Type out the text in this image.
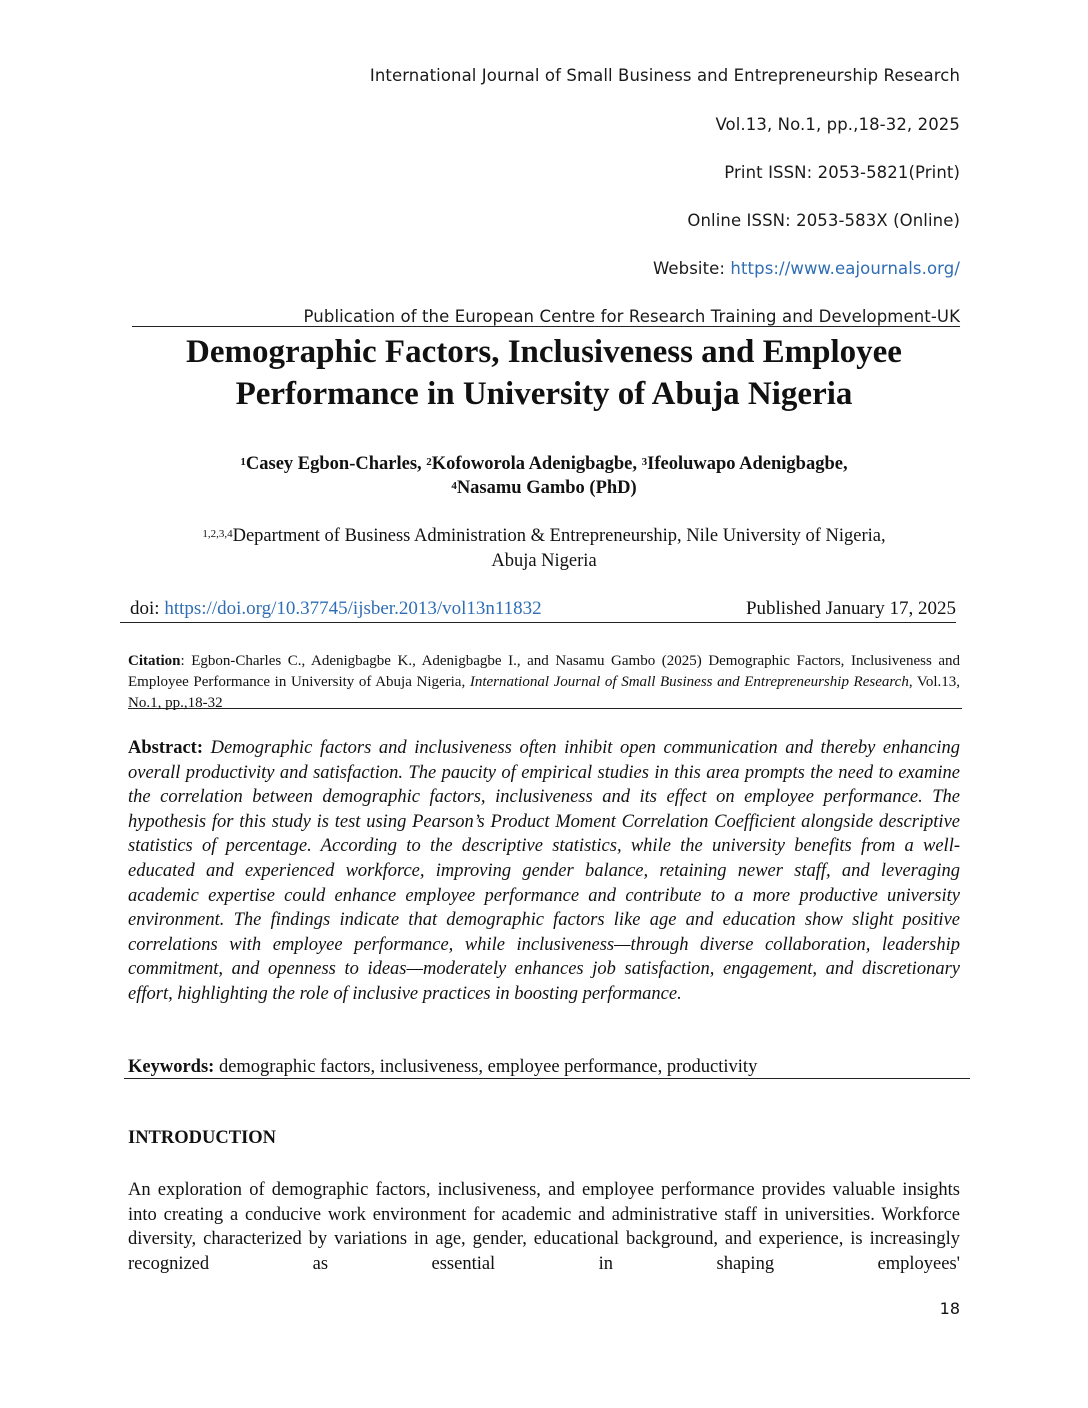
International Journal of Small Business and Entrepreneurship Research
Vol.13, No.1, pp.,18-32, 2025
Print ISSN: 2053-5821(Print)
Online ISSN: 2053-583X (Online)
Website: https://www.eajournals.org/
Publication of the European Centre for Research Training and Development-UK
Demographic Factors, Inclusiveness and Employee
Performance in University of Abuja Nigeria
$^1$Casey Egbon-Charles, $^2$Kofoworola Adenigbagbe, $^3$Ifeoluwapo Adenigbagbe,
$^4$Nasamu Gambo (PhD)
$^{1,2,3,4}$Department of Business Administration & Entrepreneurship, Nile University of Nigeria,
Abuja Nigeria
doi: https://doi.org/10.37745/ijsber.2013/vol13n11832	Published January 17, 2025
Citation: Egbon-Charles C., Adenigbagbe K., Adenigbagbe I., and Nasamu Gambo (2025) Demographic Factors, Inclusiveness and Employee Performance in University of Abuja Nigeria, International Journal of Small Business and Entrepreneurship Research, Vol.13, No.1, pp.,18-32
Abstract: Demographic factors and inclusiveness often inhibit open communication and thereby enhancing overall productivity and satisfaction. The paucity of empirical studies in this area prompts the need to examine the correlation between demographic factors, inclusiveness and its effect on employee performance. The hypothesis for this study is test using Pearson’s Product Moment Correlation Coefficient alongside descriptive statistics of percentage. According to the descriptive statistics, while the university benefits from a well-educated and experienced workforce, improving gender balance, retaining newer staff, and leveraging academic expertise could enhance employee performance and contribute to a more productive university environment. The findings indicate that demographic factors like age and education show slight positive correlations with employee performance, while inclusiveness—through diverse collaboration, leadership commitment, and openness to ideas—moderately enhances job satisfaction, engagement, and discretionary effort, highlighting the role of inclusive practices in boosting performance.
Keywords: demographic factors, inclusiveness, employee performance, productivity
INTRODUCTION
An exploration of demographic factors, inclusiveness, and employee performance provides valuable insights into creating a conducive work environment for academic and administrative staff in universities. Workforce diversity, characterized by variations in age, gender, educational background, and experience, is increasingly recognized as essential in shaping employees'
18
